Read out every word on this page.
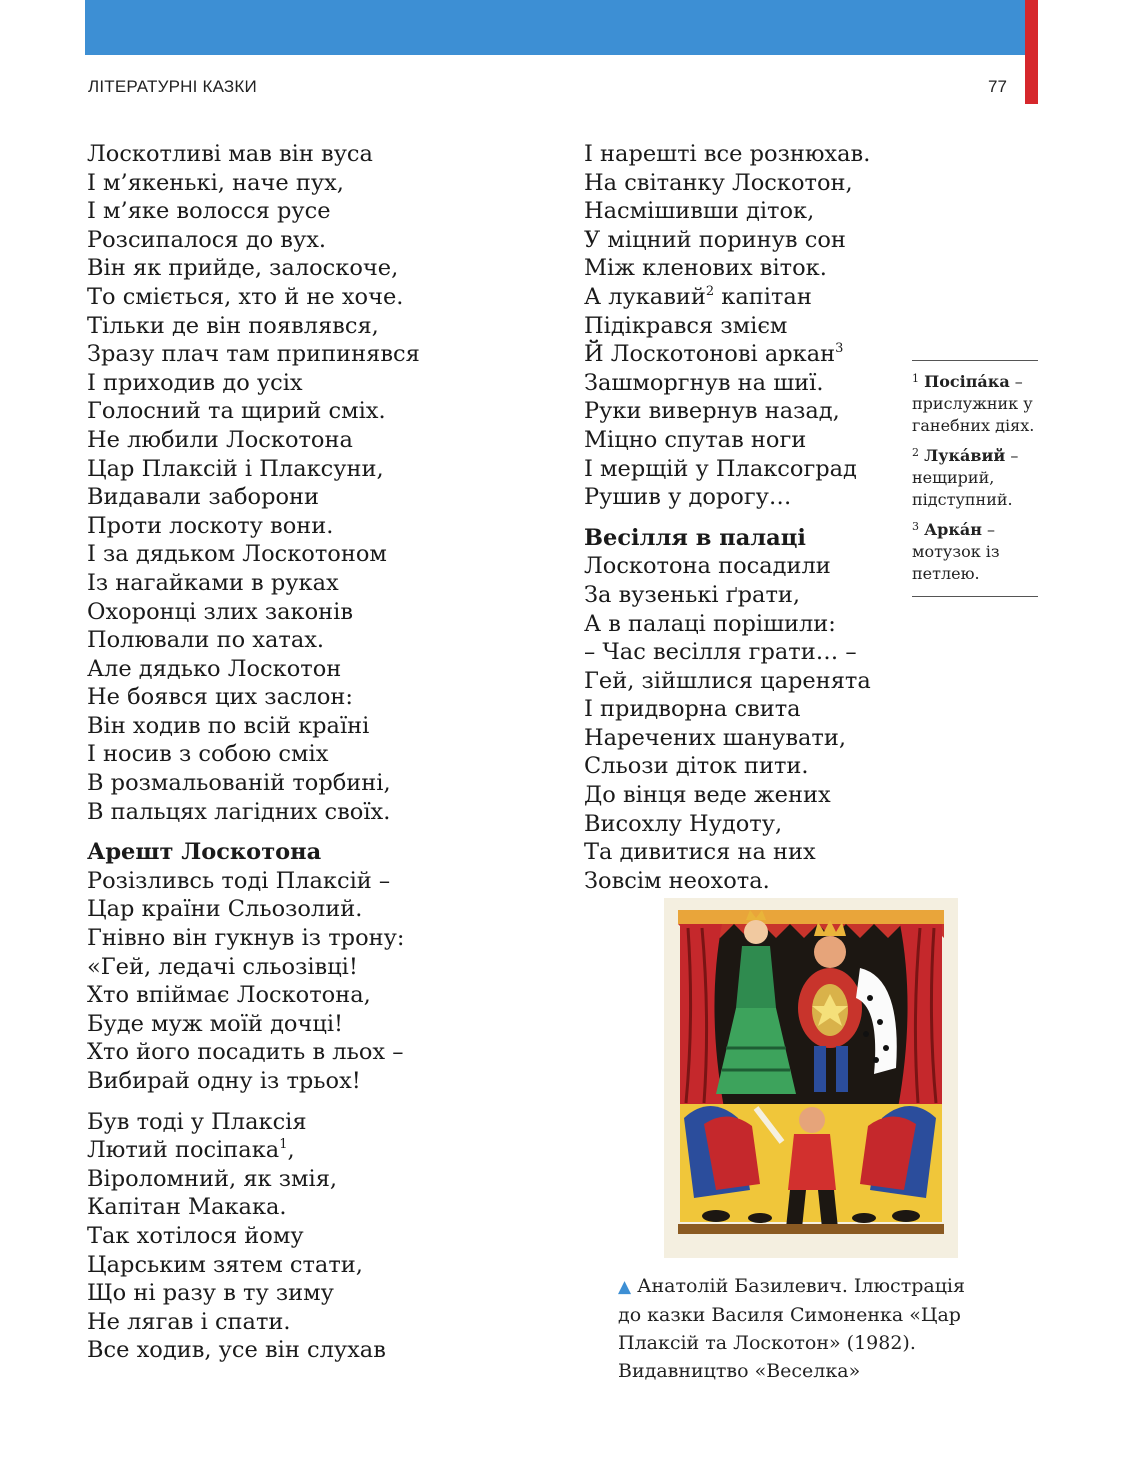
ЛІТЕРАТУРНІ КАЗКИ	77
Лоскотливі мав він вуса
І м’якенькі, наче пух,
І м’яке волосся русе
Розсипалося до вух.
Він як прийде, залоскоче,
То сміється, хто й не хоче.
Тільки де він появлявся,
Зразу плач там припинявся
І приходив до усіх
Голосний та щирий сміх.
Не любили Лоскотона
Цар Плаксій і Плаксуни,
Видавали заборони
Проти лоскоту вони.
І за дядьком Лоскотоном
Із нагайками в руках
Охоронці злих законів
Полювали по хатах.
Але дядько Лоскотон
Не боявся цих заслон:
Він ходив по всій країні
І носив з собою сміх
В розмальованій торбині,
В пальцях лагідних своїх.
Арешт Лоскотона
Розізливсь тоді Плаксій –
Цар країни Сльозолий.
Гнівно він гукнув із трону:
«Гей, ледачі сльозівці!
Хто впіймає Лоскотона,
Буде муж моїй дочці!
Хто його посадить в льох –
Вибирай одну із трьох!
Був тоді у Плаксія
Лютий посіпака$^1$,
Віроломний, як змія,
Капітан Макака.
Так хотілося йому
Царським зятем стати,
Що ні разу в ту зиму
Не лягав і спати.
Все ходив, усе він слухав
І нарешті все рознюхав.
На світанку Лоскотон,
Насмішивши діток,
У міцний поринув сон
Між кленових віток.
А лукавий$^2$ капітан
Підікрався змієм
Й Лоскотонові аркан$^3$
Зашморгнув на шиї.
Руки вивернув назад,
Міцно спутав ноги
І мерщій у Плаксоград
Рушив у дорогу…
Весілля в палаці
Лоскотона посадили
За вузенькі ґрати,
А в палаці порішили:
– Час весілля грати… –
Гей, зійшлися царенята
І придворна свита
Наречених шанувати,
Сльози діток пити.
До вінця веде жених
Висохлу Нудоту,
Та дивитися на них
Зовсім неохота.
$^1$ Посіпáка – прислужник у ганебних діях.
$^2$ Лукáвий – нещирий, підступний.
$^3$ Аркáн – мотузок із петлею.
▲ Анатолій Базилевич. Ілюстрація
до казки Василя Симоненка «Цар
Плаксій та Лоскотон» (1982).
Видавництво «Веселка»
